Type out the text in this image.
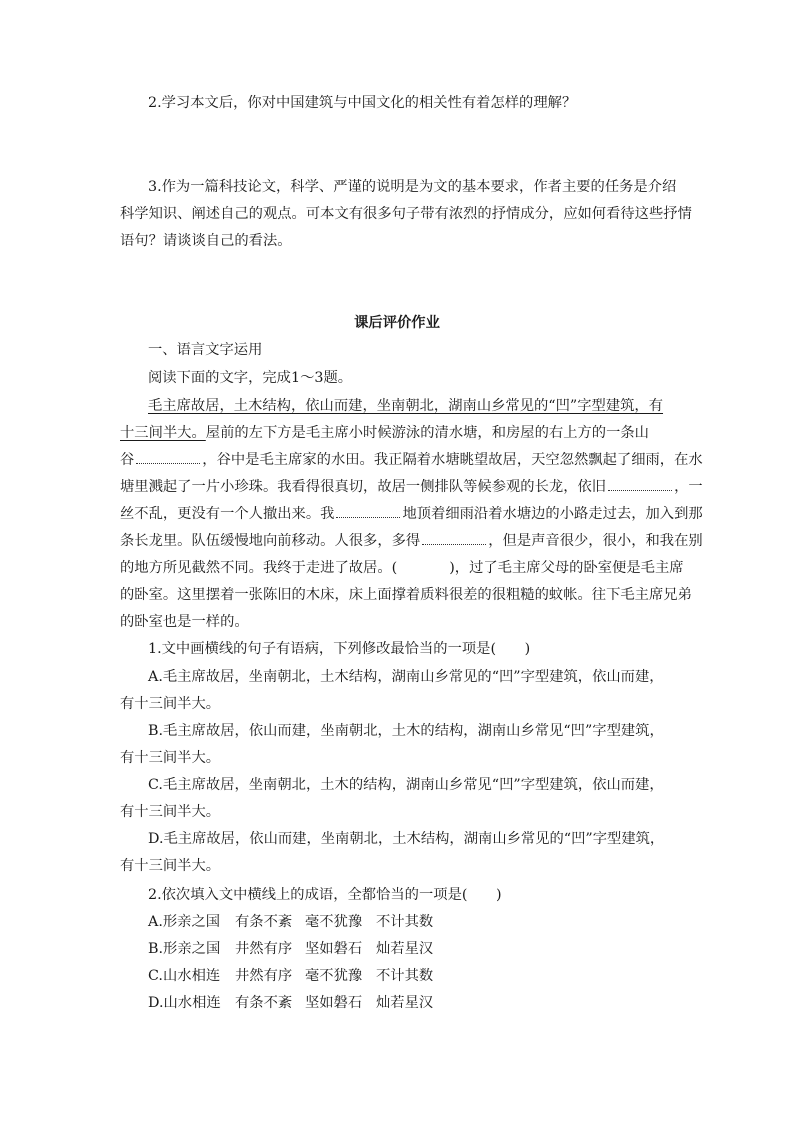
2.学习本文后，你对中国建筑与中国文化的相关性有着怎样的理解？
3.作为一篇科技论文，科学、严谨的说明是为文的基本要求，作者主要的任务是介绍
科学知识、阐述自己的观点。可本文有很多句子带有浓烈的抒情成分，应如何看待这些抒情
语句？请谈谈自己的看法。
课后评价作业
一、语言文字运用
阅读下面的文字，完成1～3题。
毛主席故居，土木结构，依山而建，坐南朝北，湖南山乡常见的“凹”字型建筑，有
十三间半大。屋前的左下方是毛主席小时候游泳的清水塘，和房屋的右上方的一条山
谷	，谷中是毛主席家的水田。我正隔着水塘眺望故居，天空忽然飘起了细雨，在水
塘里溅起了一片小珍珠。我看得很真切，故居一侧排队等候参观的长龙，依旧	，一
丝不乱，更没有一个人撤出来。我	地顶着细雨沿着水塘边的小路走过去，加入到那
条长龙里。队伍缓慢地向前移动。人很多，多得	，但是声音很少，很小，和我在别
的地方所见截然不同。我终于走进了故居。(	)，过了毛主席父母的卧室便是毛主席
的卧室。这里摆着一张陈旧的木床，床上面撑着质料很差的很粗糙的蚊帐。往下毛主席兄弟
的卧室也是一样的。
1.文中画横线的句子有语病，下列修改最恰当的一项是(　　)
A.毛主席故居，坐南朝北，土木结构，湖南山乡常见的“凹”字型建筑，依山而建，
有十三间半大。
B.毛主席故居，依山而建，坐南朝北，土木的结构，湖南山乡常见“凹”字型建筑，
有十三间半大。
C.毛主席故居，坐南朝北，土木的结构，湖南山乡常见“凹”字型建筑，依山而建，
有十三间半大。
D.毛主席故居，依山而建，坐南朝北，土木结构，湖南山乡常见的“凹”字型建筑，
有十三间半大。
2.依次填入文中横线上的成语，全都恰当的一项是(　　)
A.形亲之国 有条不紊 毫不犹豫 不计其数
B.形亲之国 井然有序 坚如磐石 灿若星汉
C.山水相连 井然有序 毫不犹豫 不计其数
D.山水相连 有条不紊 坚如磐石 灿若星汉
